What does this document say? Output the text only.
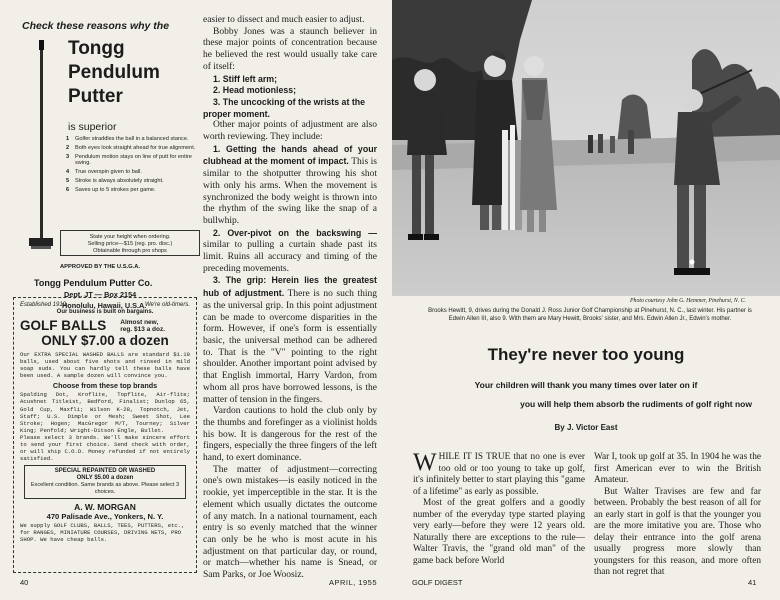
Check these reasons why the
Tongg
Pendulum
Putter
is superior
1	Golfer straddles the ball in a balanced stance.
2	Both eyes look straight ahead for true alignment.
3	Pendulum motion stays on line of putt for entire swing.
4	True overspin given to ball.
5	Stroke is always absolutely straight.
6	Saves up to 5 strokes per game.
State your height when ordering.
Selling price—$15 (reg. pro. disc.)
Obtainable through pro shops
APPROVED BY THE U.S.G.A.
Tongg Pendulum Putter Co.
Dept. JT — Box 2154
Honolulu, Hawaii, U.S.A.
Established 1919.	We're old-timers.
Our business is built on bargains.
GOLF BALLS Almost new,
reg. $13 a doz.
ONLY $7.00 a dozen
Our EXTRA SPECIAL WASHED BALLS are standard $1.10 balls, used about five shots and rinsed in mild soap suds. You can hardly tell these balls have been used. A sample dozen will convince you.
Choose from these top brands
Spalding Dot, Kroflite, Topflite, Air-flite; Acushnet Titleist, Bedford, Finalist; Dunlop 65, Gold Cup, Maxfli; Wilson K-28, Topnotch, Jet, Staff; U.S. Dimple or Mesh; Sweet Shot, Lee Stroke; Hogen; MacGregor M/T, Tourney; Silver King; Penfold; Wright-Ditson Engle, Bullet.
Please select 3 brands. We'll make sincere effort to send your first choice. Send check with order, or will ship C.O.D. Money refunded if not entirely satisfied.
SPECIAL REPAINTED OR WASHED
ONLY $5.00 a dozen
Excellent condition. Same brands as above. Please select 3 choices.
A. W. MORGAN
470 Palisade Ave., Yonkers, N. Y.
We supply GOLF CLUBS, BALLS, TEES, PUTTERS, etc., for RANGES, MINIATURE COURSES, DRIVING NETS, PRO SHOP. We have cheap balls.

easier to dissect and much easier to adjust.

Bobby Jones was a staunch believer in these major points of concentration because he believed the rest would usually take care of itself:

1. Stiff left arm;
2. Head motionless;
3. The uncocking of the wrists at the proper moment.

Other major points of adjustment are also worth reviewing. They include:

1. Getting the hands ahead of your clubhead at the moment of impact. This is similar to the shotputter throwing his shot with only his arms. When the movement is synchronized the body weight is thrown into the rhythm of the swing like the snap of a bullwhip.

2. Over-pivot on the backswing — similar to pulling a curtain shade past its limit. Ruins all accuracy and timing of the preceding movements.

3. The grip: Herein lies the greatest hub of adjustment. There is no such thing as the universal grip. In this point adjustment can be made to overcome disparities in the form. However, if one's form is essentially basic, the universal method can be adhered to. That is the "V" pointing to the right shoulder. Another important point advised by that English immortal, Harry Vardon, from whom all pros have borrowed lessons, is the matter of tension in the fingers.

Vardon cautions to hold the club only by the thumbs and forefinger as a violinist holds his bow. It is dangerous for the rest of the fingers, especially the three fingers of the left hand, to exert dominance.

The matter of adjustment—correcting one's own mistakes—is easily noticed in the rookie, yet imperceptible in the star. It is the element which usually dictates the outcome of any match. In a national tournament, each entry is so evenly matched that the winner can only be he who is most acute in his adjustment on that particular day, or round, or match—whether his name is Snead, or Sam Parks, or Joe Woosiz.

40	APRIL, 1955
Photo courtesy John G. Hemmer, Pinehurst, N. C.
Brooks Hewitt, 9, drives during the Donald J. Ross Junior Golf Championship at Pinehurst, N. C., last winter. His partner is Edwin Allen III, also 9. With them are Mary Hewitt, Brooks' sister, and Mrs. Edwin Allen Jr., Edwin's mother.
They're never too young
Your children will thank you many times over later on if
you will help them absorb the rudiments of golf right now
By J. Victor East

WHILE IT IS TRUE that no one is ever too old or too young to take up golf, it's infinitely better to start playing this "game of a lifetime" as early as possible.

Most of the great golfers and a goodly number of the everyday type started playing very early—before they were 12 years old. Naturally there are exceptions to the rule—Walter Travis, the "grand old man" of the game back before World

War I, took up golf at 35. In 1904 he was the first American ever to win the British Amateur.

But Walter Travises are few and far between. Probably the best reason of all for an early start in golf is that the younger you are the more imitative you are. Those who delay their entrance into the golf arena usually progress more slowly than youngsters for this reason, and more often than not regret that

GOLF DIGEST	41
